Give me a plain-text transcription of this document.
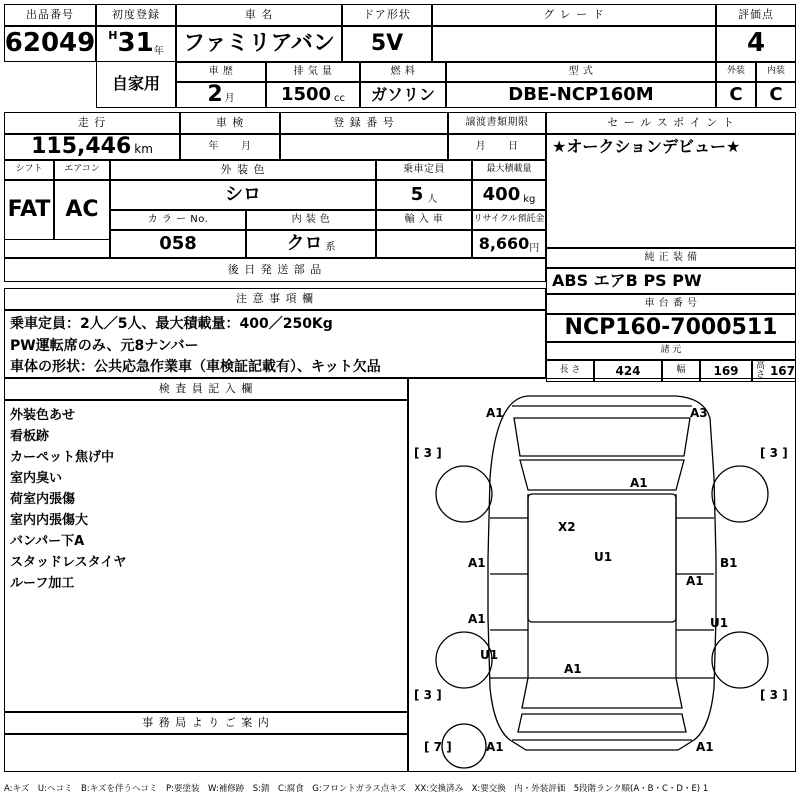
出品番号
62049
初度登録
H 31 年
車 名
ファミリアバン
ドア形状
5V
グ レ ー ド	評価点
4
車 歴
2 月
自家用
排 気 量
1500 cc
燃 料
ガソリン
型 式
DBE-NCP160M
外装 内装
C C
走 行
115,446 km
車 検
年 月
登 録 番 号	譲渡書類期限
月 日
シフト エアコン
FAT AC
外 装 色
シロ
乗車定員
5 人
最大積載量
400 kg
カ ラ ー No.
058
内 装 色
クロ 系
輸 入 車	リサイクル預託金
8,660 円
後 日 発 送 部 品
セ ー ル ス ポ イ ン ト
★オークションデビュー★
純 正 装 備
ABS エアB PS PW
注 意 事 項 欄
乗車定員：2人／5人、最大積載量：400／250Kg
PW運転席のみ、元8ナンバー
車体の形状：公共応急作業車（車検証記載有）、キット欠品
車 台 番 号
NCP160-7000511
諸 元
長 さ	424	幅 169	高 さ 167
検 査 員 記 入 欄
外装色あせ
看板跡
カーペット焦げ中
室内臭い
荷室内張傷
室内内張傷大
バンパー下A
スタッドレスタイヤ
ルーフ加工
事 務 局 よ り ご 案 内
A1	A3
[ 3 ]	[ 3 ]
A1
X2
A1	U1	B1
A1
A1	U1
U1
A1
[ 3 ]	[ 3 ]
[ 7 ]	A1	A1
A:キズ　U:ヘコミ　B:キズを伴うヘコミ　P:要塗装　W:補修跡　S:錆　C:腐食　G:フロントガラス点キズ　XX:交換済み　X:要交換　内・外装評価　5段階ランク順(A・B・C・D・E) 1
